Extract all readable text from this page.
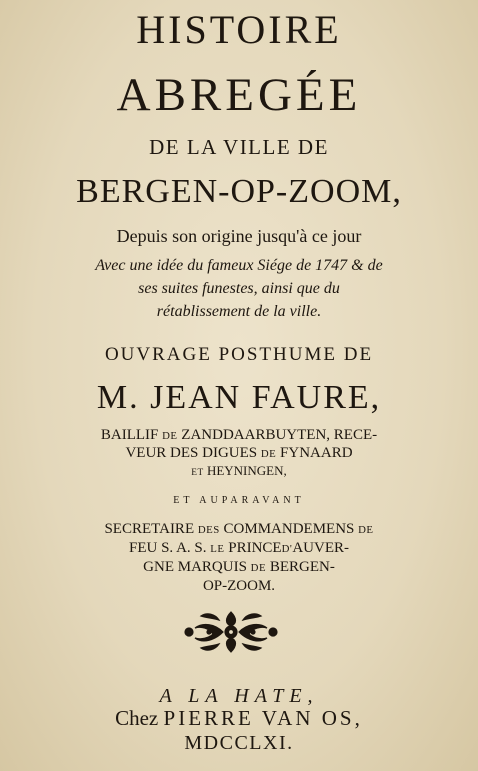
HISTOIRE
ABREGÉE
DE LA VILLE DE
BERGEN-OP-ZOOM,
Depuis son origine jusqu'à ce jour
Avec une idée du fameux Siége de 1747 & de
ses suites funestes, ainsi que du
rétablissement de la ville.
OUVRAGE POSTHUME DE
M. JEAN FAURE,
BAILLIF DE ZANDDAARBUYTEN, RECE-
VEUR DES DIGUES DE FYNAARD
ET HEYNINGEN,
ET AUPARAVANT
SECRETAIRE DES COMMANDEMENS DE
FEU S. A. S. LE PRINCED'AUVER-
GNE MARQUIS DE BERGEN-
OP-ZOOM.
A LA HATE,
Chez PIERRE VAN OS,
MDCCLXI.
